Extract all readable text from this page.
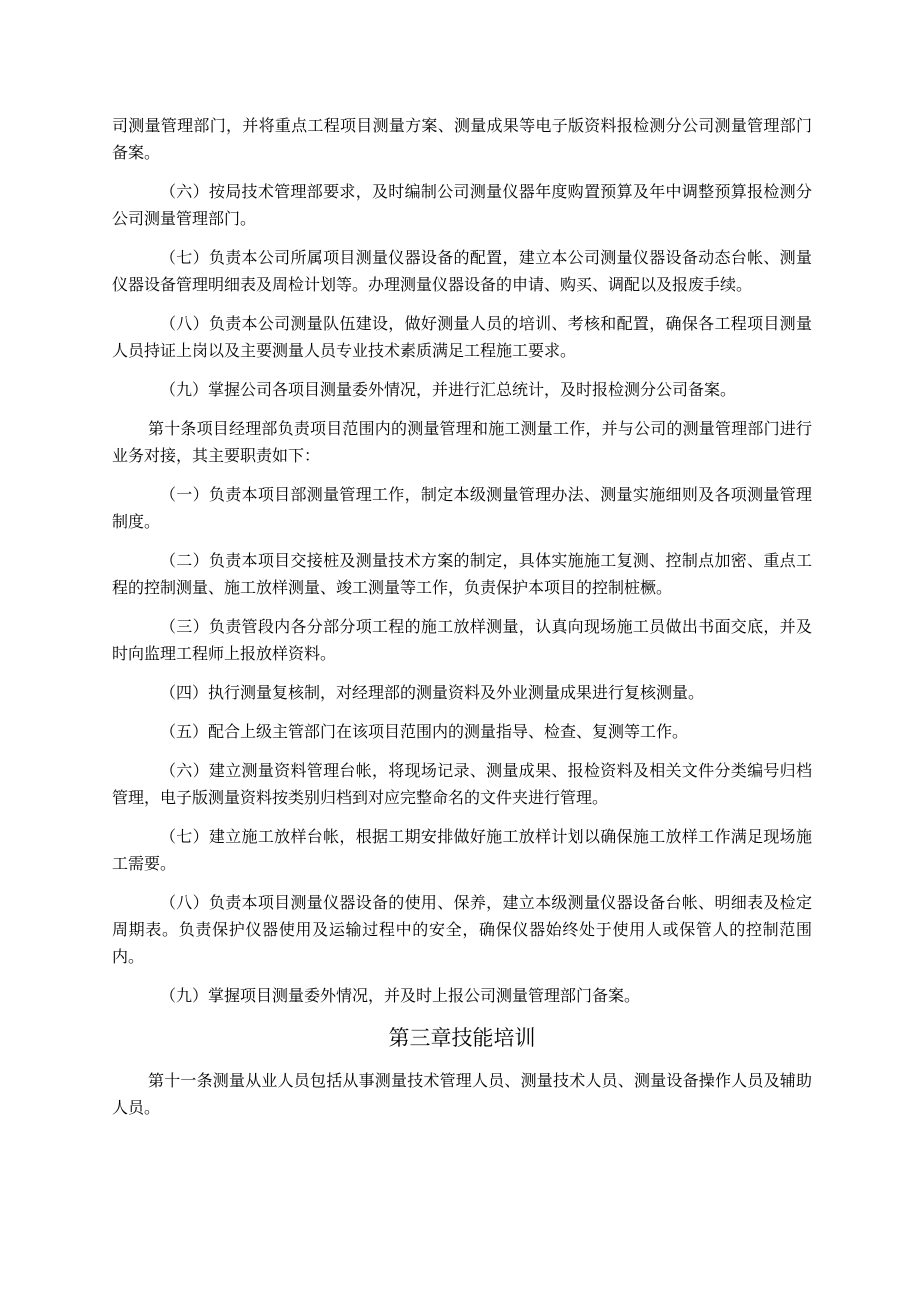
司测量管理部门，并将重点工程项目测量方案、测量成果等电子版资料报检测分公司测量管理部门备案。

（六）按局技术管理部要求，及时编制公司测量仪器年度购置预算及年中调整预算报检测分公司测量管理部门。

（七）负责本公司所属项目测量仪器设备的配置，建立本公司测量仪器设备动态台帐、测量仪器设备管理明细表及周检计划等。办理测量仪器设备的申请、购买、调配以及报废手续。

（八）负责本公司测量队伍建设，做好测量人员的培训、考核和配置，确保各工程项目测量人员持证上岗以及主要测量人员专业技术素质满足工程施工要求。

（九）掌握公司各项目测量委外情况，并进行汇总统计，及时报检测分公司备案。

第十条项目经理部负责项目范围内的测量管理和施工测量工作，并与公司的测量管理部门进行业务对接，其主要职责如下：

（一）负责本项目部测量管理工作，制定本级测量管理办法、测量实施细则及各项测量管理制度。

（二）负责本项目交接桩及测量技术方案的制定，具体实施施工复测、控制点加密、重点工程的控制测量、施工放样测量、竣工测量等工作，负责保护本项目的控制桩橛。

（三）负责管段内各分部分项工程的施工放样测量，认真向现场施工员做出书面交底，并及时向监理工程师上报放样资料。

（四）执行测量复核制，对经理部的测量资料及外业测量成果进行复核测量。

（五）配合上级主管部门在该项目范围内的测量指导、检查、复测等工作。

（六）建立测量资料管理台帐，将现场记录、测量成果、报检资料及相关文件分类编号归档管理，电子版测量资料按类别归档到对应完整命名的文件夹进行管理。

（七）建立施工放样台帐，根据工期安排做好施工放样计划以确保施工放样工作满足现场施工需要。

（八）负责本项目测量仪器设备的使用、保养，建立本级测量仪器设备台帐、明细表及检定周期表。负责保护仪器使用及运输过程中的安全，确保仪器始终处于使用人或保管人的控制范围内。

（九）掌握项目测量委外情况，并及时上报公司测量管理部门备案。

第三章技能培训

第十一条测量从业人员包括从事测量技术管理人员、测量技术人员、测量设备操作人员及辅助人员。
